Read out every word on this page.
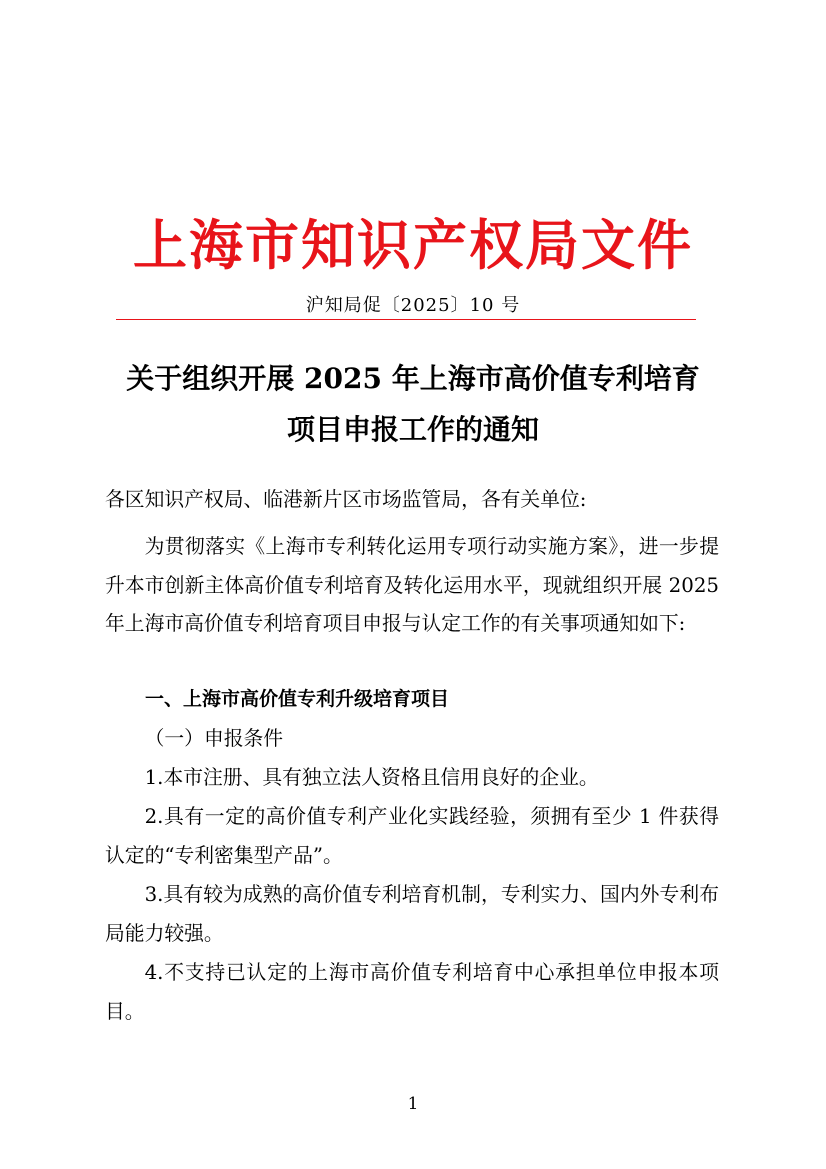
上海市知识产权局文件
沪知局促〔2025〕10 号
关于组织开展 2025 年上海市高价值专利培育
项目申报工作的通知

各区知识产权局、临港新片区市场监管局，各有关单位:

为贯彻落实《上海市专利转化运用专项行动实施方案》，进一步提升本市创新主体高价值专利培育及转化运用水平，现就组织开展 2025 年上海市高价值专利培育项目申报与认定工作的有关事项通知如下:

一、上海市高价值专利升级培育项目

（一）申报条件

1.本市注册、具有独立法人资格且信用良好的企业。

2.具有一定的高价值专利产业化实践经验，须拥有至少 1 件获得认定的“专利密集型产品”。

3.具有较为成熟的高价值专利培育机制，专利实力、国内外专利布局能力较强。

4.不支持已认定的上海市高价值专利培育中心承担单位申报本项目。

1
